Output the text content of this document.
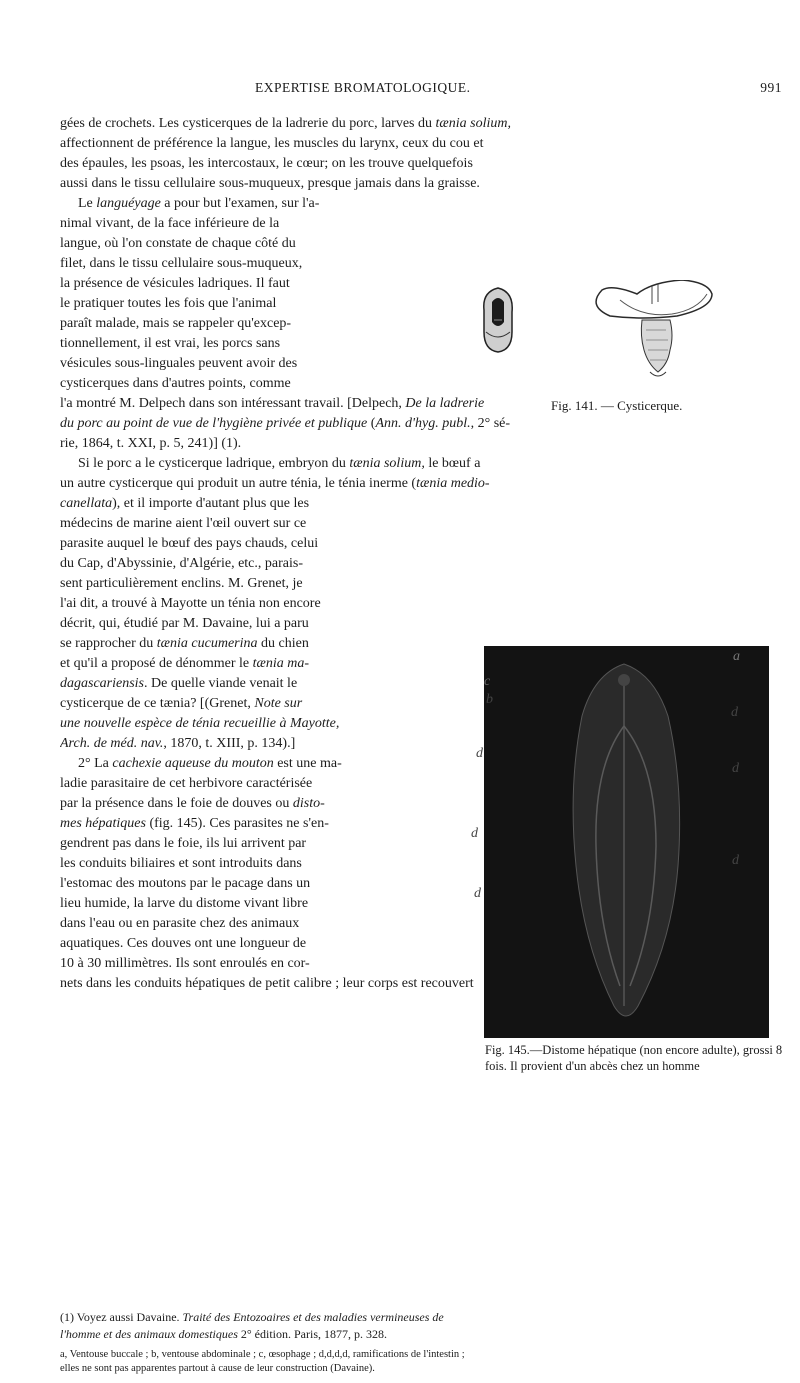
EXPERTISE BROMATOLOGIQUE.	991
gées de crochets. Les cysticerques de la ladrerie du porc, larves du tænia solium,
affectionnent de préférence la langue, les muscles du larynx, ceux du cou et
des épaules, les psoas, les intercostaux, le cœur; on les trouve quelquefois
aussi dans le tissu cellulaire sous-muqueux, presque jamais dans la graisse.
Le languéyage a pour but l'examen, sur l'a-
nimal vivant, de la face inférieure de la
langue, où l'on constate de chaque côté du
filet, dans le tissu cellulaire sous-muqueux,
la présence de vésicules ladriques. Il faut
le pratiquer toutes les fois que l'animal
paraît malade, mais se rappeler qu'excep-
tionnellement, il est vrai, les porcs sans
vésicules sous-linguales peuvent avoir des
cysticerques dans d'autres points, comme
Fig. 141. — Cysticerque.
l'a montré M. Delpech dans son intéressant travail. [Delpech, De la ladrerie
du porc au point de vue de l'hygiène privée et publique (Ann. d'hyg. publ., 2° sé-
rie, 1864, t. XXI, p. 5, 241)] (1).
Si le porc a le cysticerque ladrique, embryon du tænia solium, le bœuf a
un autre cysticerque qui produit un autre ténia, le ténia inerme (tænia medio-
canellata), et il importe d'autant plus que les
médecins de marine aient l'œil ouvert sur ce
parasite auquel le bœuf des pays chauds, celui
du Cap, d'Abyssinie, d'Algérie, etc., parais-
sent particulièrement enclins. M. Grenet, je
l'ai dit, a trouvé à Mayotte un ténia non encore
décrit, qui, étudié par M. Davaine, lui a paru
se rapprocher du tænia cucumerina du chien
et qu'il a proposé de dénommer le tænia ma-
dagascariensis. De quelle viande venait le
cysticerque de ce tænia? [(Grenet, Note sur
une nouvelle espèce de ténia recueillie à Mayotte,
Arch. de méd. nav., 1870, t. XIII, p. 134).]
2° La cachexie aqueuse du mouton est une ma-
ladie parasitaire de cet herbivore caractérisée
par la présence dans le foie de douves ou disto-
mes hépatiques (fig. 145). Ces parasites ne s'en-
gendrent pas dans le foie, ils lui arrivent par
les conduits biliaires et sont introduits dans
l'estomac des moutons par le pacage dans un
lieu humide, la larve du distome vivant libre
dans l'eau ou en parasite chez des animaux
aquatiques. Ces douves ont une longueur de
10 à 30 millimètres. Ils sont enroulés en cor-
nets dans les conduits hépatiques de petit calibre ; leur corps est recouvert
a
c
b
d
d
d
d
d
d
Fig. 145.—Distome hépatique (non encore adulte), grossi 8 fois. Il provient d'un abcès chez un homme
(1) Voyez aussi Davaine. Traité des Entozoaires et des maladies vermineuses de
l'homme et des animaux domestiques 2° édition. Paris, 1877, p. 328.
a, Ventouse buccale ; b, ventouse abdominale ; c, œsophage ; d,d,d,d, ramifications de l'intestin ;
elles ne sont pas apparentes partout à cause de leur construction (Davaine).
